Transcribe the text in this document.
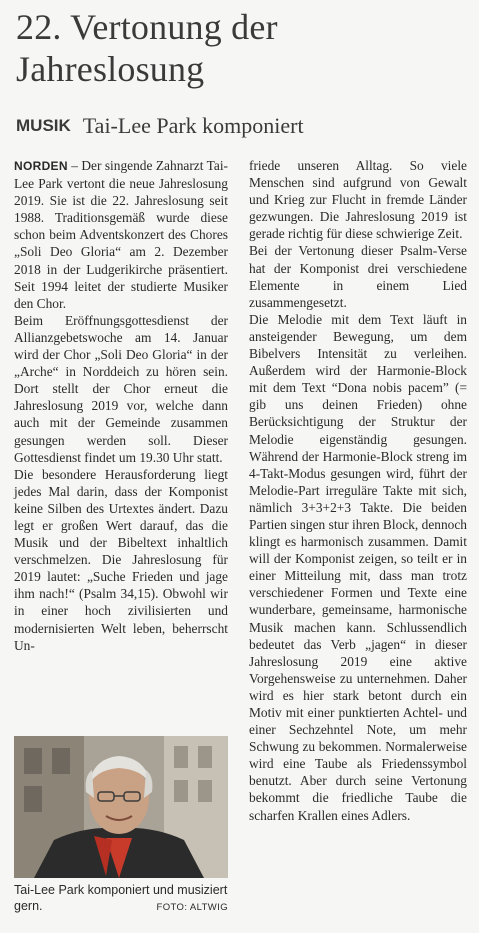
22. Vertonung der
Jahreslosung
MUSIK Tai-Lee Park komponiert
NORDEN – Der singende Zahnarzt Tai-Lee Park vertont die neue Jahreslosung 2019. Sie ist die 22. Jahreslosung seit 1988. Traditionsgemäß wurde diese schon beim Adventskonzert des Chores „Soli Deo Gloria“ am 2. Dezember 2018 in der Ludgerikirche präsentiert. Seit 1994 leitet der studierte Musiker den Chor.
Beim Eröffnungsgottesdienst der Allianzgebetswoche am 14. Januar wird der Chor „Soli Deo Gloria“ in der „Arche“ in Norddeich zu hören sein. Dort stellt der Chor erneut die Jahreslosung 2019 vor, welche dann auch mit der Gemeinde zusammen gesungen werden soll. Dieser Gottesdienst findet um 19.30 Uhr statt.
Die besondere Herausforderung liegt jedes Mal darin, dass der Komponist keine Silben des Urtextes ändert. Dazu legt er großen Wert darauf, das die Musik und der Bibeltext inhaltlich verschmelzen. Die Jahreslosung für 2019 lautet: „Suche Frieden und jage ihm nach!“ (Psalm 34,15). Obwohl wir in einer hoch zivilisierten und modernisierten Welt leben, beherrscht Un-
friede unseren Alltag. So viele Menschen sind aufgrund von Gewalt und Krieg zur Flucht in fremde Länder gezwungen. Die Jahreslosung 2019 ist gerade richtig für diese schwierige Zeit.
Bei der Vertonung dieser Psalm-Verse hat der Komponist drei verschiedene Elemente in einem Lied zusammengesetzt.
Die Melodie mit dem Text läuft in ansteigender Bewegung, um dem Bibelvers Intensität zu verleihen. Außerdem wird der Harmonie-Block mit dem Text “Dona nobis pacem” (= gib uns deinen Frieden) ohne Berücksichtigung der Struktur der Melodie eigenständig gesungen. Während der Harmonie-Block streng im 4-Takt-Modus gesungen wird, führt der Melodie-Part irreguläre Takte mit sich, nämlich 3+3+2+3 Takte. Die beiden Partien singen stur ihren Block, dennoch klingt es harmonisch zusammen. Damit will der Komponist zeigen, so teilt er in einer Mitteilung mit, dass man trotz verschiedener Formen und Texte eine wunderbare, gemeinsame, harmonische Musik machen kann. Schlussendlich bedeutet das Verb „jagen“ in dieser Jahreslosung 2019 eine aktive Vorgehensweise zu unternehmen. Daher wird es hier stark betont durch ein Motiv mit einer punktierten Achtel- und einer Sechzehntel Note, um mehr Schwung zu bekommen. Normalerweise wird eine Taube als Friedenssymbol benutzt. Aber durch seine Vertonung bekommt die friedliche Taube die scharfen Krallen eines Adlers.
Tai-Lee Park komponiert und musiziert gern.	FOTO: ALTWIG
